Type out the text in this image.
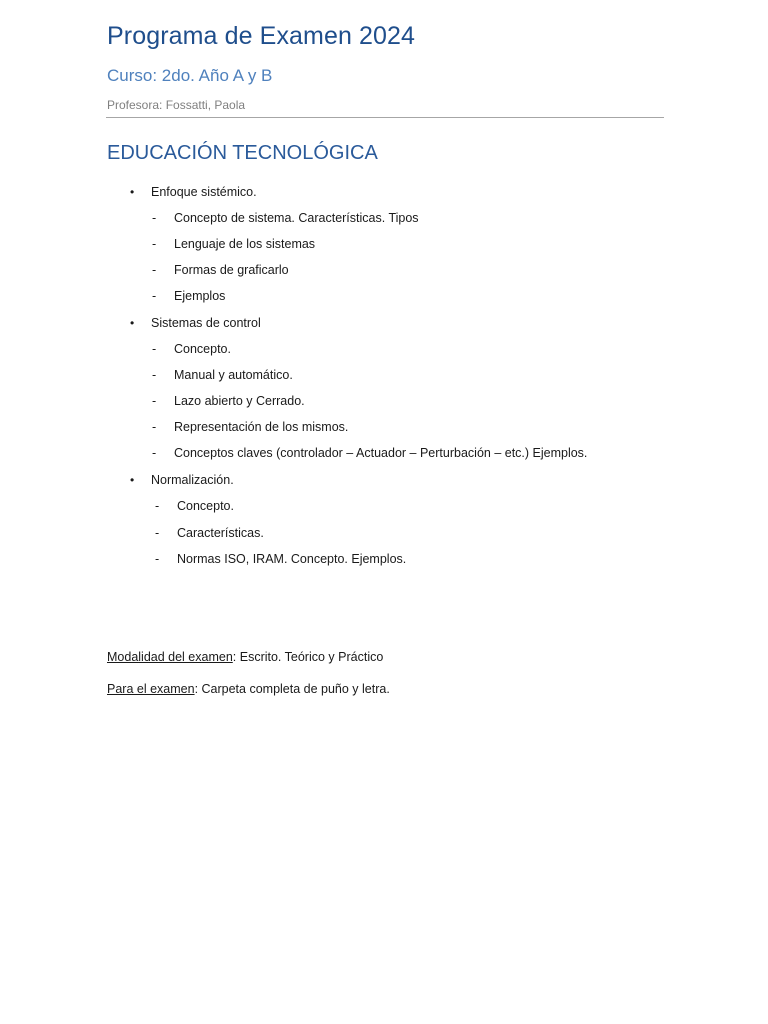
Programa de Examen 2024
Curso: 2do. Año A y B
Profesora: Fossatti, Paola
EDUCACIÓN TECNOLÓGICA
• Enfoque sistémico.
- Concepto de sistema. Características. Tipos
- Lenguaje de los sistemas
- Formas de graficarlo
- Ejemplos
• Sistemas de control
- Concepto.
- Manual y automático.
- Lazo abierto y Cerrado.
- Representación de los mismos.
- Conceptos claves (controlador – Actuador – Perturbación – etc.) Ejemplos.
• Normalización.
- Concepto.
- Características.
- Normas ISO, IRAM. Concepto. Ejemplos.
Modalidad del examen: Escrito. Teórico y Práctico
Para el examen: Carpeta completa de puño y letra.
